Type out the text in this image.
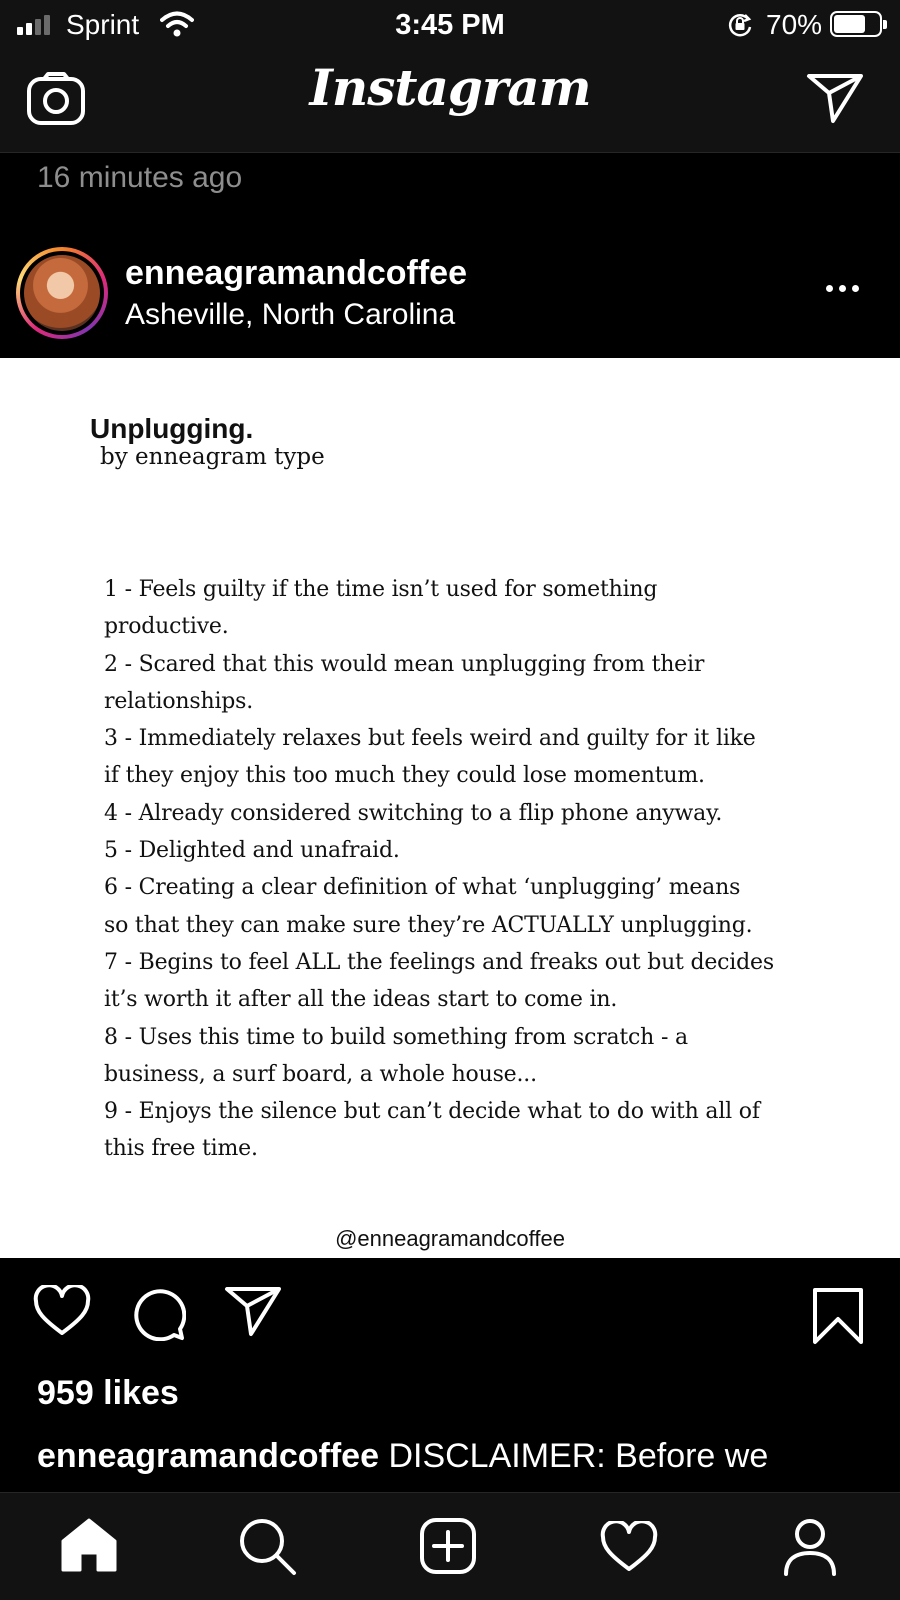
Sprint	3:45 PM	70%
Instagram
16 minutes ago
enneagramandcoffee
Asheville, North Carolina
Unplugging.
by enneagram type
1 - Feels guilty if the time isn’t used for something
productive.
2 - Scared that this would mean unplugging from their
relationships.
3 - Immediately relaxes but feels weird and guilty for it like
if they enjoy this too much they could lose momentum.
4 - Already considered switching to a flip phone anyway.
5 - Delighted and unafraid.
6 - Creating a clear definition of what ‘unplugging’ means
so that they can make sure they’re ACTUALLY unplugging.
7 - Begins to feel ALL the feelings and freaks out but decides
it’s worth it after all the ideas start to come in.
8 - Uses this time to build something from scratch - a
business, a surf board, a whole house...
9 - Enjoys the silence but can’t decide what to do with all of
this free time.
@enneagramandcoffee
959 likes
enneagramandcoffee DISCLAIMER: Before we
